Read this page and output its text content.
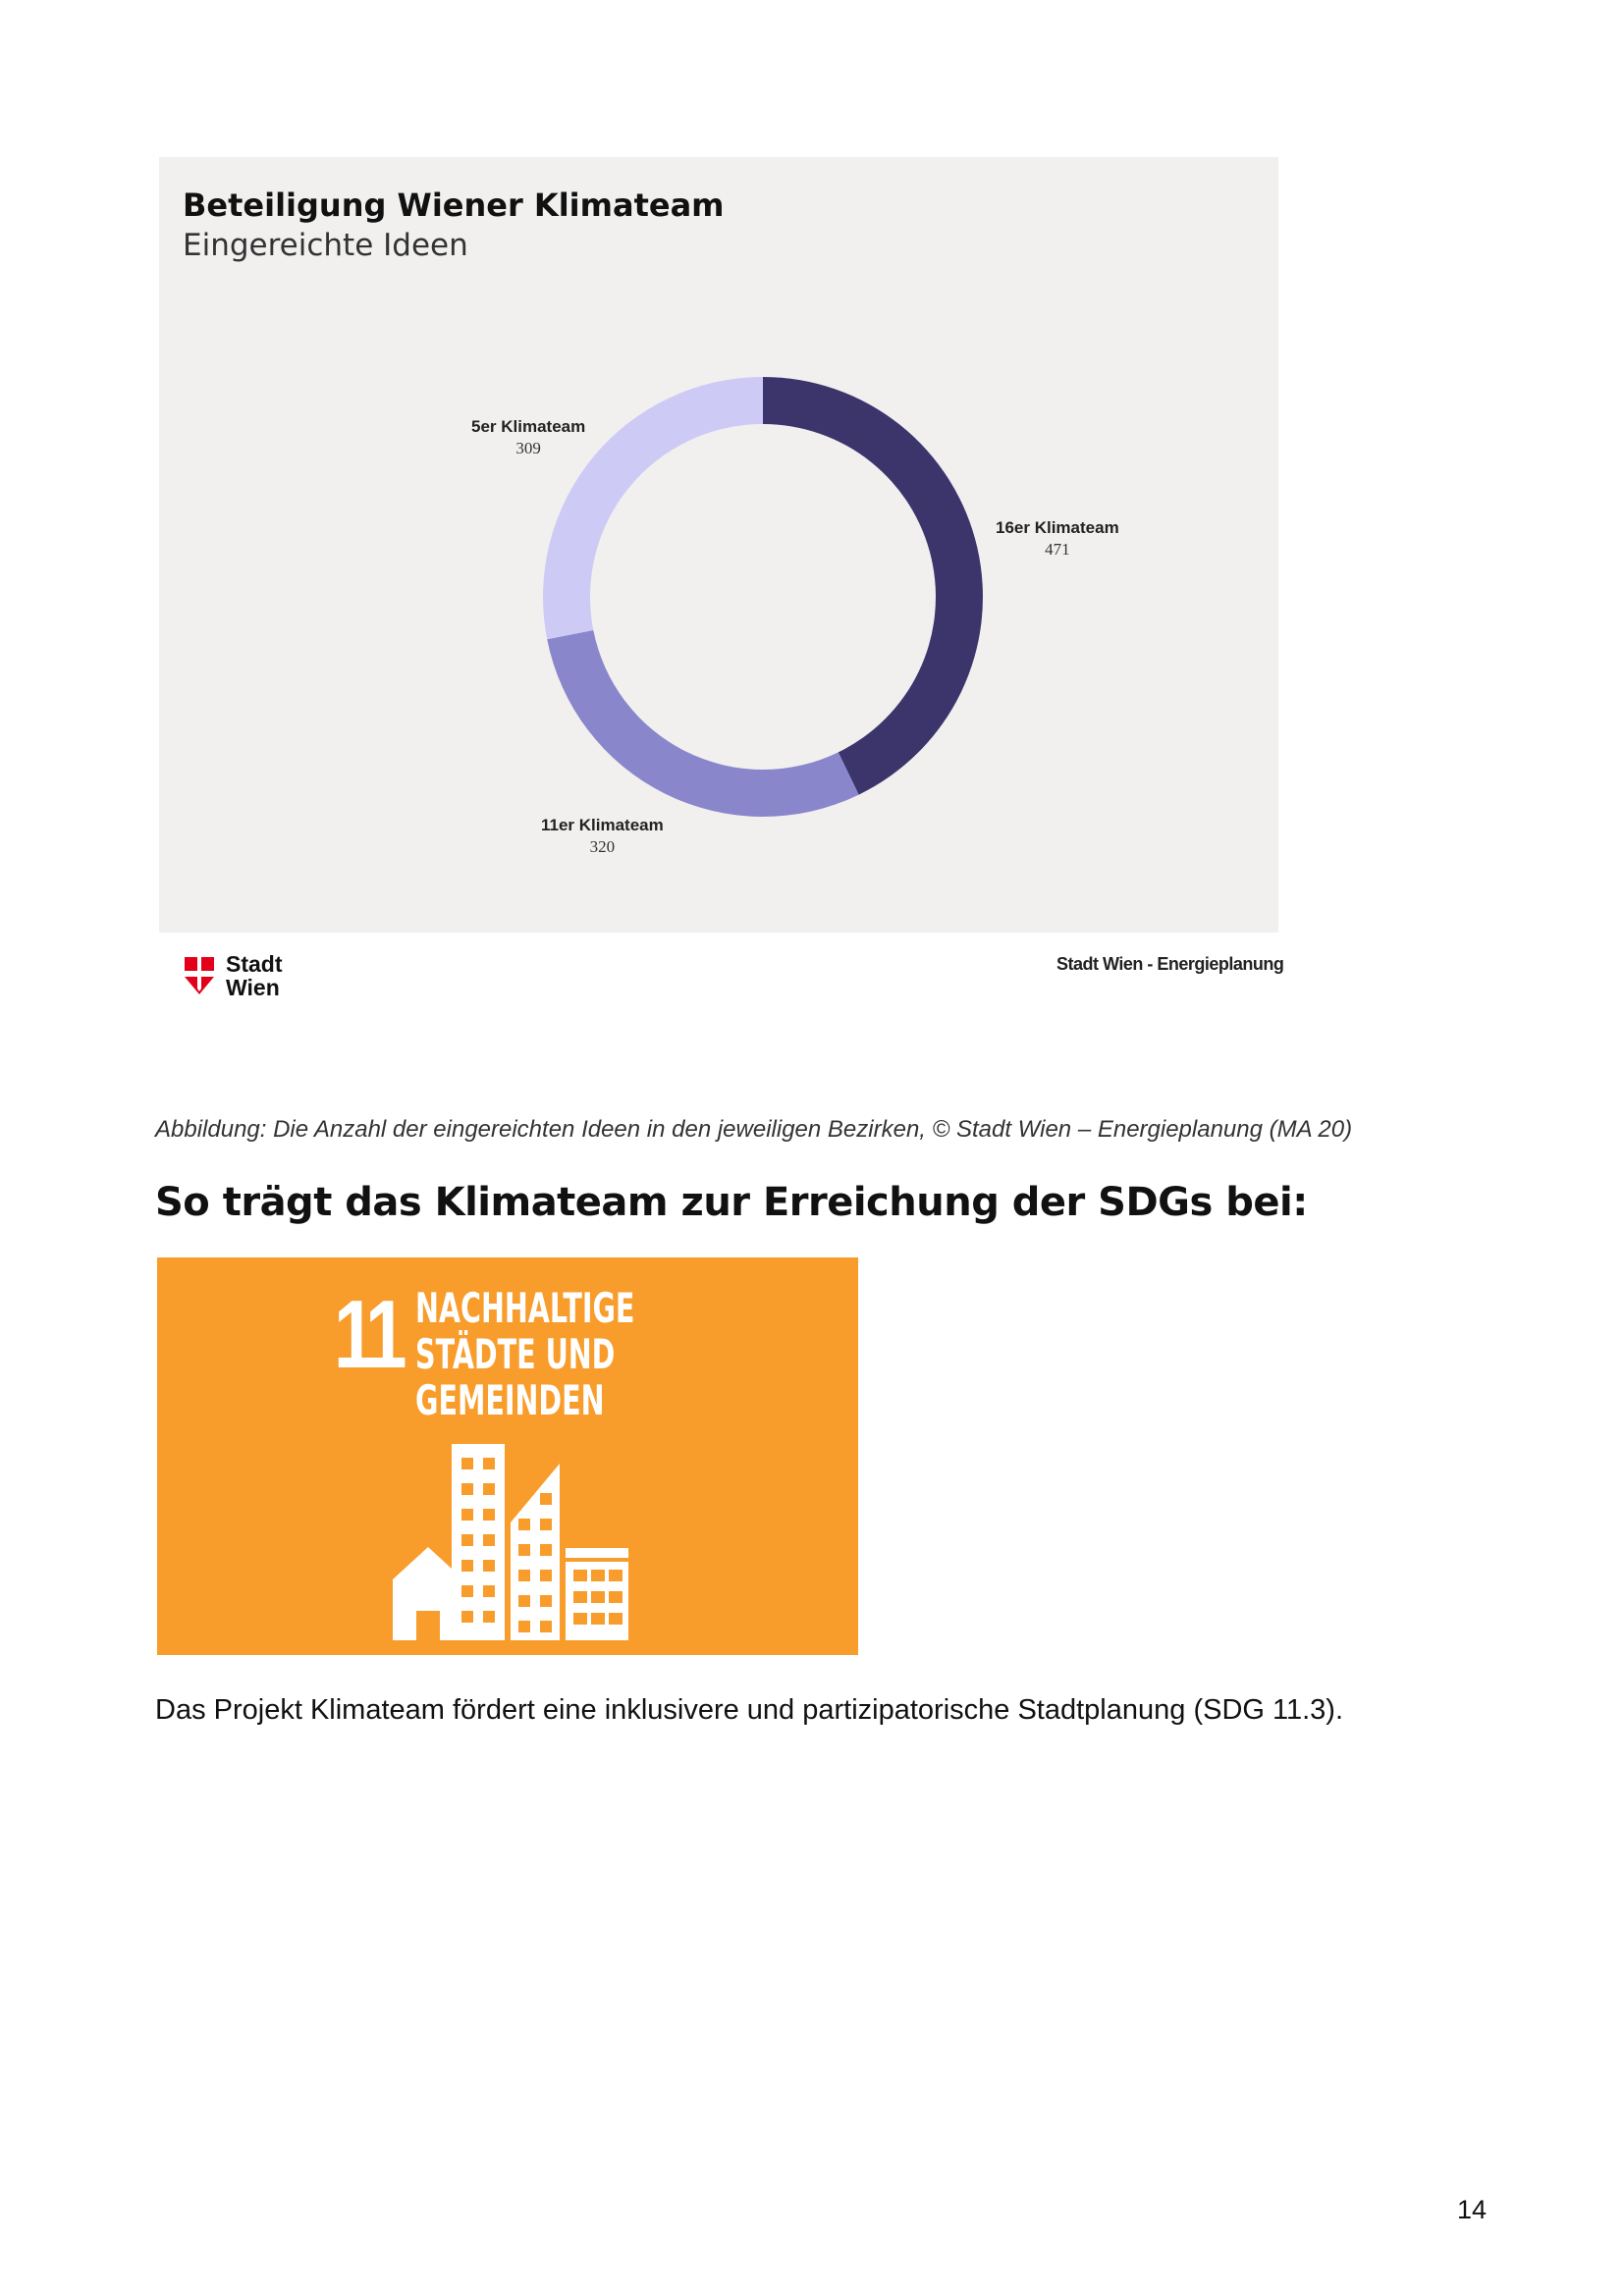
Beteiligung Wiener Klimateam
Eingereichte Ideen
16er Klimateam
471
11er Klimateam
320
5er Klimateam
309
Stadt
Wien
Stadt Wien - Energieplanung
Abbildung: Die Anzahl der eingereichten Ideen in den jeweiligen Bezirken, © Stadt Wien – Energieplanung (MA 20)
So trägt das Klimateam zur Erreichung der SDGs bei:
11 NACHHALTIGE
STÄDTE UND
GEMEINDEN
Das Projekt Klimateam fördert eine inklusivere und partizipatorische Stadtplanung (SDG 11.3).
14
